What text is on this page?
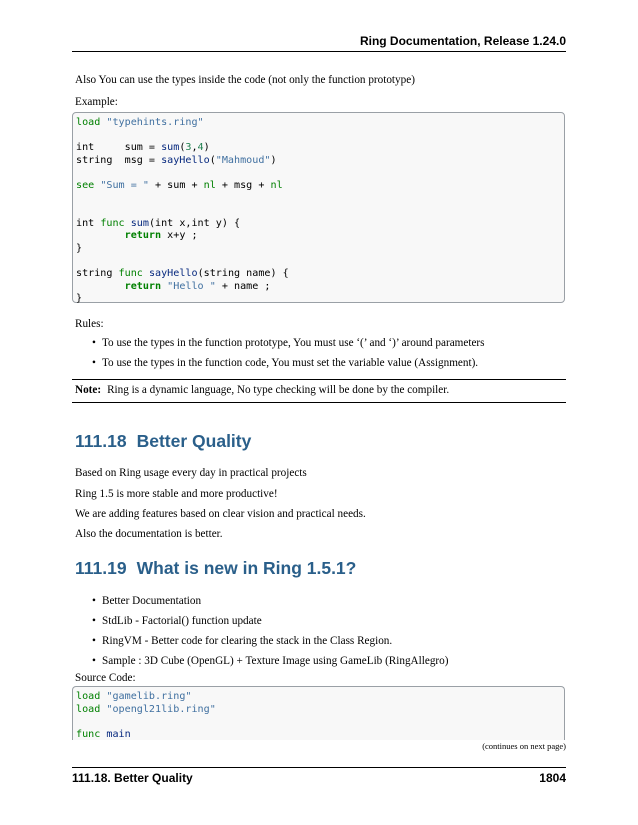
Ring Documentation, Release 1.24.0
Also You can use the types inside the code (not only the function prototype)
Example:
load "typehints.ring"

int     sum = sum(3,4)
string  msg = sayHello("Mahmoud")

see "Sum = " + sum + nl + msg + nl

int func sum(int x,int y) {
return x+y ;
}

string func sayHello(string name) {
return "Hello " + name ;
}
Rules:
• To use the types in the function prototype, You must use ‘(’ and ‘)’ around parameters
• To use the types in the function code, You must set the variable value (Assignment).
Note: Ring is a dynamic language, No type checking will be done by the compiler.
111.18 Better Quality
Based on Ring usage every day in practical projects
Ring 1.5 is more stable and more productive!
We are adding features based on clear vision and practical needs.
Also the documentation is better.
111.19 What is new in Ring 1.5.1?
• Better Documentation
• StdLib - Factorial() function update
• RingVM - Better code for clearing the stack in the Class Region.
• Sample : 3D Cube (OpenGL) + Texture Image using GameLib (RingAllegro)
Source Code:
load "gamelib.ring"
load "opengl21lib.ring"

func main
(continues on next page)
111.18. Better Quality	1804
